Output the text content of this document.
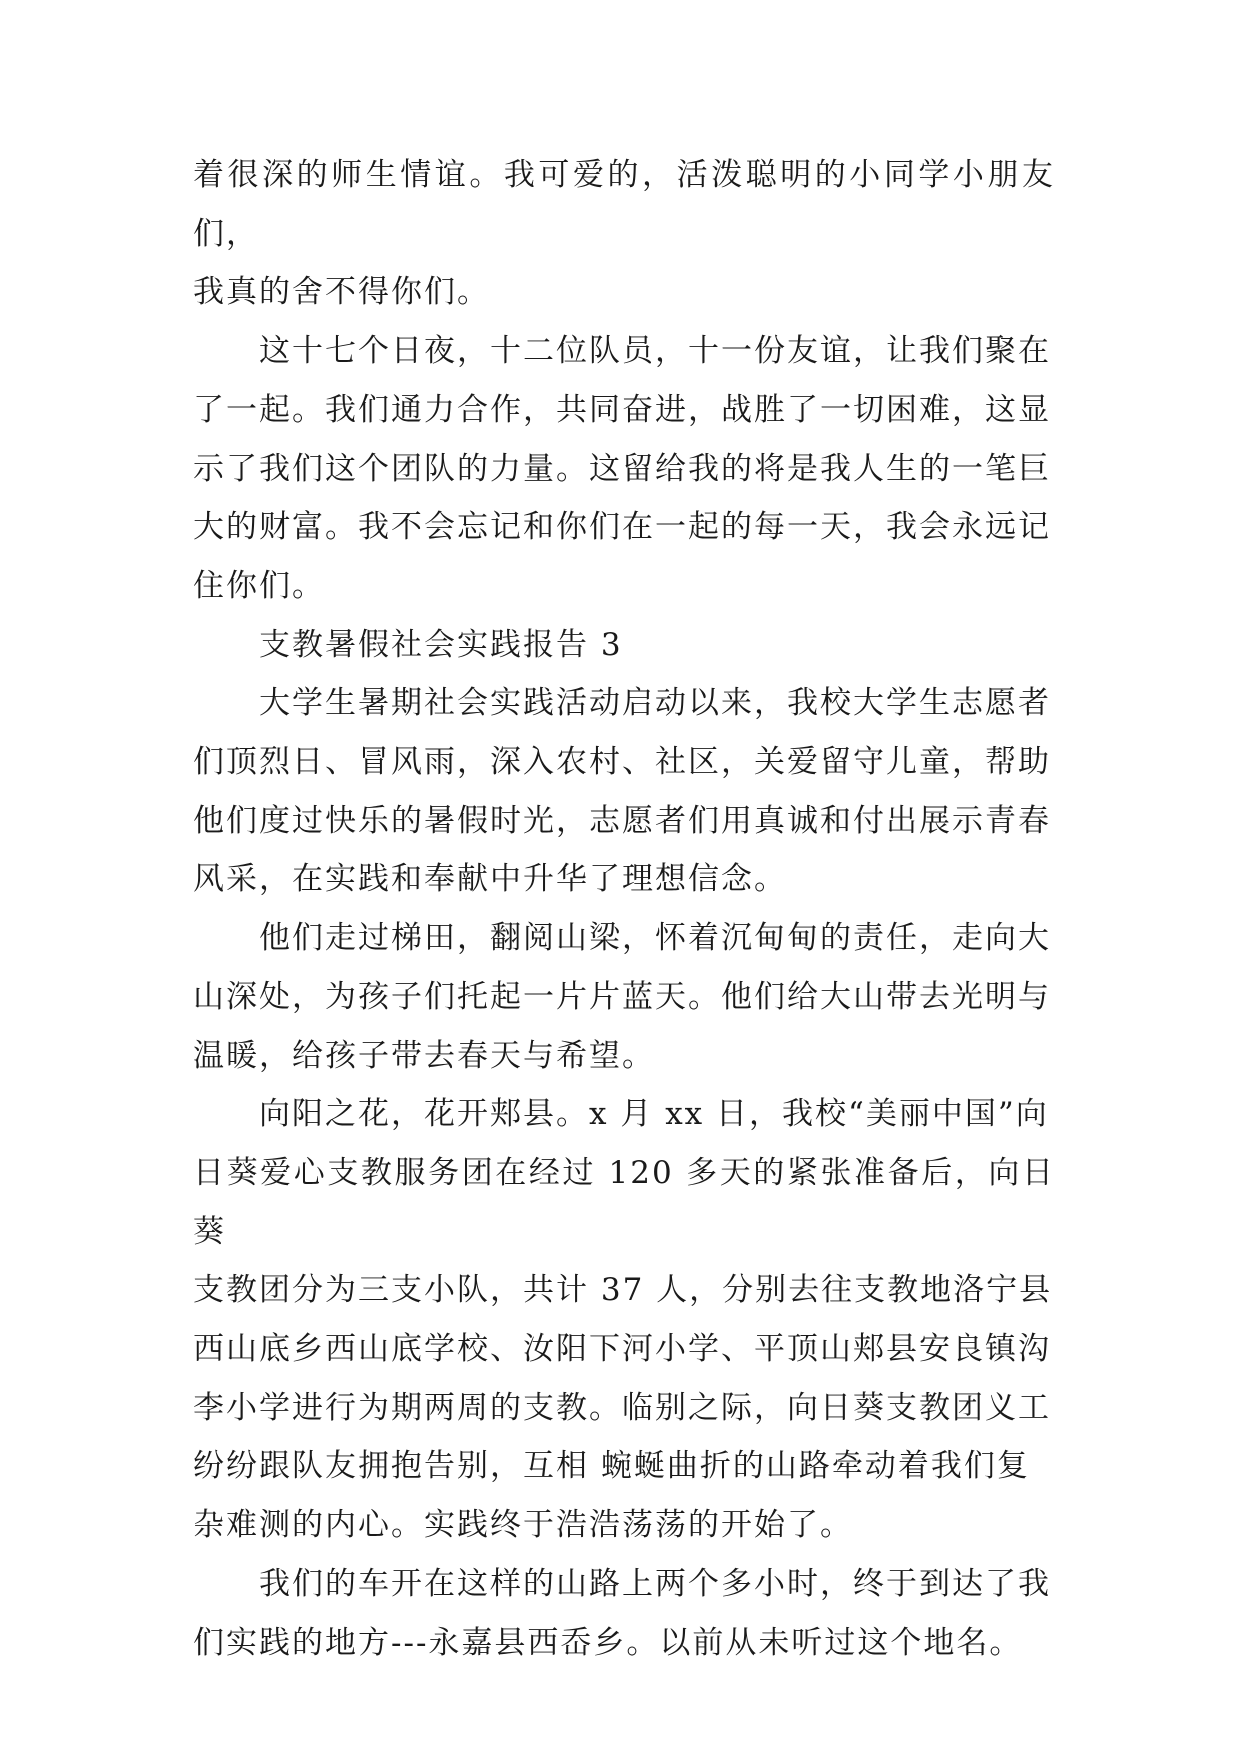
着很深的师生情谊。我可爱的，活泼聪明的小同学小朋友们，
我真的舍不得你们。

这十七个日夜，十二位队员，十一份友谊，让我们聚在
了一起。我们通力合作，共同奋进，战胜了一切困难，这显
示了我们这个团队的力量。这留给我的将是我人生的一笔巨
大的财富。我不会忘记和你们在一起的每一天，我会永远记
住你们。

支教暑假社会实践报告 3

大学生暑期社会实践活动启动以来，我校大学生志愿者
们顶烈日、冒风雨，深入农村、社区，关爱留守儿童，帮助
他们度过快乐的暑假时光，志愿者们用真诚和付出展示青春
风采，在实践和奉献中升华了理想信念。

他们走过梯田，翻阅山梁，怀着沉甸甸的责任，走向大
山深处，为孩子们托起一片片蓝天。他们给大山带去光明与
温暖，给孩子带去春天与希望。

向阳之花，花开郏县。x 月 xx 日，我校“美丽中国”向
日葵爱心支教服务团在经过 120 多天的紧张准备后，向日葵
支教团分为三支小队，共计 37 人，分别去往支教地洛宁县
西山底乡西山底学校、汝阳下河小学、平顶山郏县安良镇沟
李小学进行为期两周的支教。临别之际，向日葵支教团义工
纷纷跟队友拥抱告别，互相 蜿蜒曲折的山路牵动着我们复
杂难测的内心。实践终于浩浩荡荡的开始了。

我们的车开在这样的山路上两个多小时，终于到达了我
们实践的地方---永嘉县西岙乡。以前从未听过这个地名。
